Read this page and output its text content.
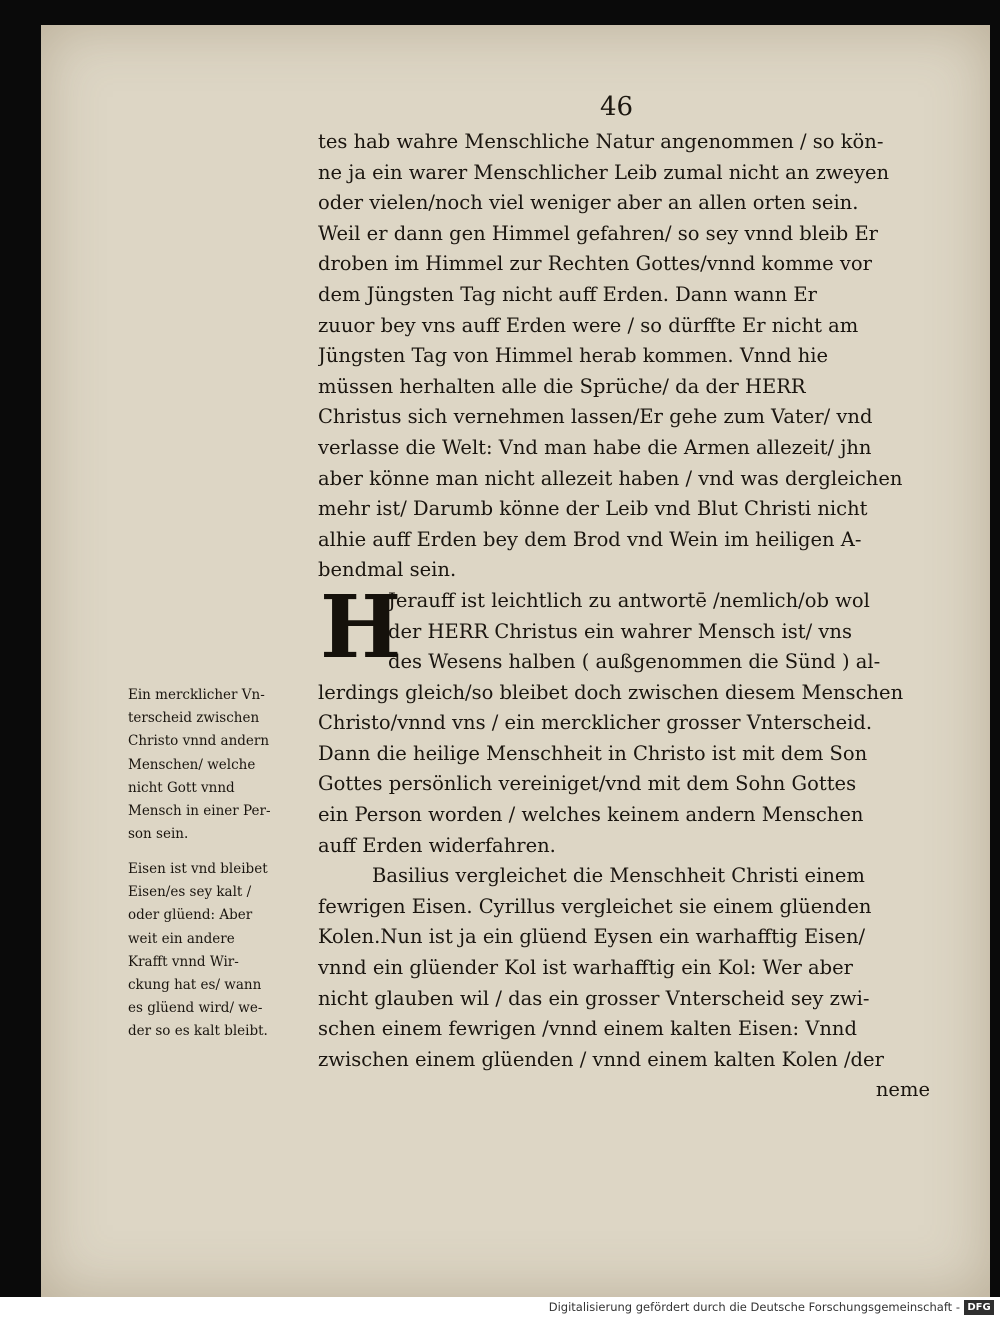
46
tes hab wahre Menschliche Natur angenommen / so kön-
ne ja ein warer Menschlicher Leib zumal nicht an zweyen
oder vielen/noch viel weniger aber an allen orten sein.
Weil er dann gen Himmel gefahren/ so sey vnnd bleib Er
droben im Himmel zur Rechten Gottes/vnnd komme vor
dem Jüngsten Tag nicht auff Erden. Dann wann Er
zuuor bey vns auff Erden were / so dürffte Er nicht am
Jüngsten Tag von Himmel herab kommen. Vnnd hie
müssen herhalten alle die Sprüche/ da der HERR
Christus sich vernehmen lassen/Er gehe zum Vater/ vnd
verlasse die Welt: Vnd man habe die Armen allezeit/ jhn
aber könne man nicht allezeit haben / vnd was dergleichen
mehr ist/ Darumb könne der Leib vnd Blut Christi nicht
alhie auff Erden bey dem Brod vnd Wein im heiligen A-
bendmal sein.
Jerauff ist leichtlich zu antwortē /nemlich/ob wol
der HERR Christus ein wahrer Mensch ist/ vns
des Wesens halben ( außgenommen die Sünd ) al-
lerdings gleich/so bleibet doch zwischen diesem Menschen
Christo/vnnd vns / ein mercklicher grosser Vnterscheid.
Dann die heilige Menschheit in Christo ist mit dem Son
Gottes persönlich vereiniget/vnd mit dem Sohn Gottes
ein Person worden / welches keinem andern Menschen
auff Erden widerfahren.
Basilius vergleichet die Menschheit Christi einem
fewrigen Eisen. Cyrillus vergleichet sie einem glüenden
Kolen.Nun ist ja ein glüend Eysen ein warhafftig Eisen/
vnnd ein glüender Kol ist warhafftig ein Kol: Wer aber
nicht glauben wil / das ein grosser Vnterscheid sey zwi-
schen einem fewrigen /vnnd einem kalten Eisen: Vnnd
zwischen einem glüenden / vnnd einem kalten Kolen /der
neme
H
Ein mercklicher Vn-
terscheid zwischen
Christo vnnd andern
Menschen/ welche
nicht Gott vnnd
Mensch in einer Per-
son sein.
Eisen ist vnd bleibet
Eisen/es sey kalt /
oder glüend: Aber
weit ein andere
Krafft vnnd Wir-
ckung hat es/ wann
es glüend wird/ we-
der so es kalt bleibt.
Digitalisierung gefördert durch die Deutsche Forschungsgemeinschaft - DFG
